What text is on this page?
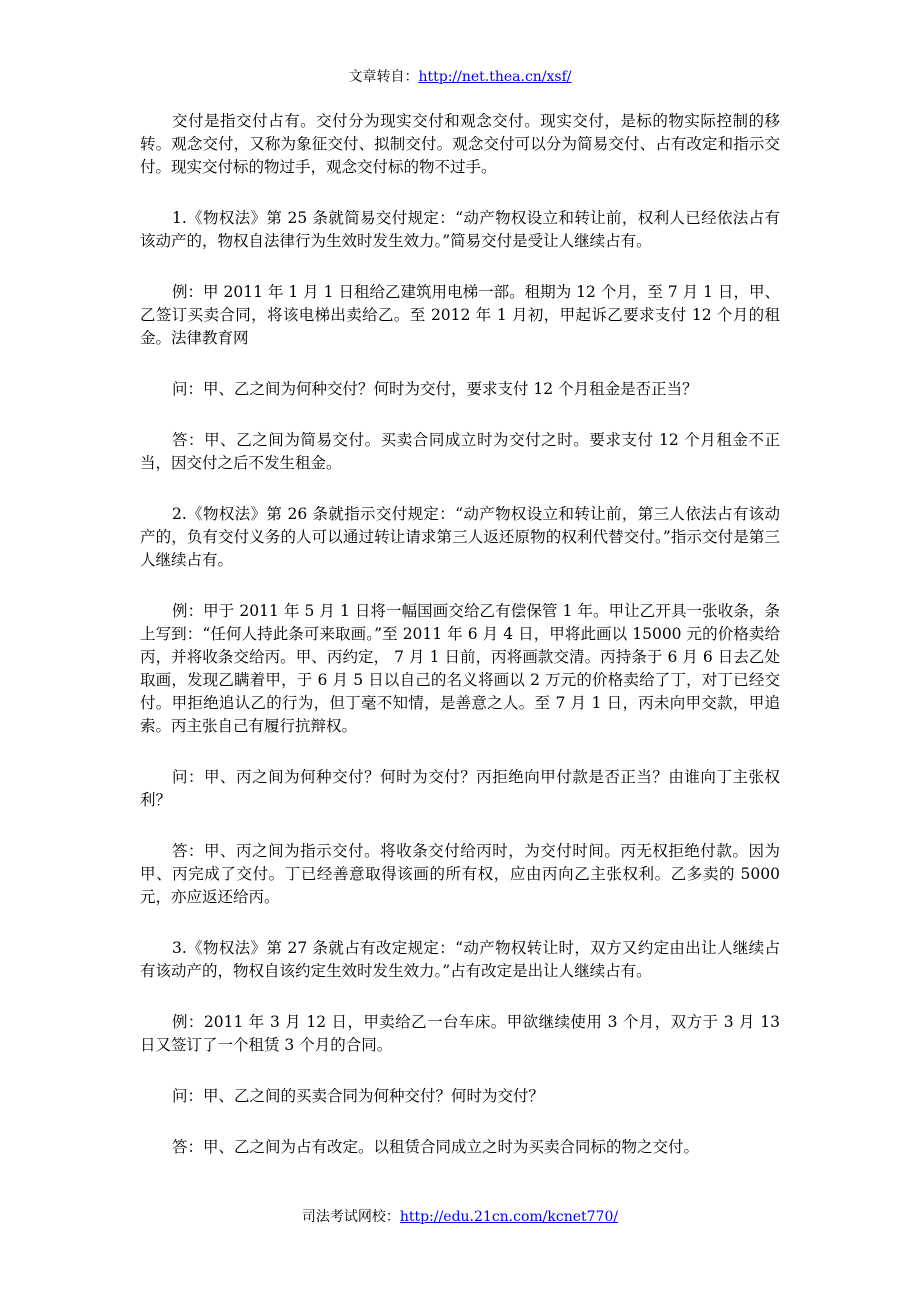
文章转自：http://net.thea.cn/xsf/

交付是指交付占有。交付分为现实交付和观念交付。现实交付，是标的物实际控制的移转。观念交付，又称为象征交付、拟制交付。观念交付可以分为简易交付、占有改定和指示交付。现实交付标的物过手，观念交付标的物不过手。

1.《物权法》第 25 条就简易交付规定：“动产物权设立和转让前，权利人已经依法占有该动产的，物权自法律行为生效时发生效力。”简易交付是受让人继续占有。

例：甲 2011 年 1 月 1 日租给乙建筑用电梯一部。租期为 12 个月，至 7 月 1 日，甲、乙签订买卖合同，将该电梯出卖给乙。至 2012 年 1 月初，甲起诉乙要求支付 12 个月的租金。法律教育网

问：甲、乙之间为何种交付？何时为交付，要求支付 12 个月租金是否正当？

答：甲、乙之间为简易交付。买卖合同成立时为交付之时。要求支付 12 个月租金不正当，因交付之后不发生租金。

2.《物权法》第 26 条就指示交付规定：“动产物权设立和转让前，第三人依法占有该动产的，负有交付义务的人可以通过转让请求第三人返还原物的权利代替交付。”指示交付是第三人继续占有。

例：甲于 2011 年 5 月 1 日将一幅国画交给乙有偿保管 1 年。甲让乙开具一张收条，条上写到：“任何人持此条可来取画。”至 2011 年 6 月 4 日，甲将此画以 15000 元的价格卖给丙，并将收条交给丙。甲、丙约定， 7 月 1 日前，丙将画款交清。丙持条于 6 月 6 日去乙处取画，发现乙瞒着甲，于 6 月 5 日以自己的名义将画以 2 万元的价格卖给了丁，对丁已经交付。甲拒绝追认乙的行为，但丁毫不知情，是善意之人。至 7 月 1 日，丙未向甲交款，甲追索。丙主张自己有履行抗辩权。

问：甲、丙之间为何种交付？何时为交付？丙拒绝向甲付款是否正当？由谁向丁主张权利？

答：甲、丙之间为指示交付。将收条交付给丙时，为交付时间。丙无权拒绝付款。因为甲、丙完成了交付。丁已经善意取得该画的所有权，应由丙向乙主张权利。乙多卖的 5000 元，亦应返还给丙。

3.《物权法》第 27 条就占有改定规定：“动产物权转让时，双方又约定由出让人继续占有该动产的，物权自该约定生效时发生效力。”占有改定是出让人继续占有。

例：2011 年 3 月 12 日，甲卖给乙一台车床。甲欲继续使用 3 个月，双方于 3 月 13 日又签订了一个租赁 3 个月的合同。

问：甲、乙之间的买卖合同为何种交付？何时为交付？

答：甲、乙之间为占有改定。以租赁合同成立之时为买卖合同标的物之交付。

司法考试网校：http://edu.21cn.com/kcnet770/
